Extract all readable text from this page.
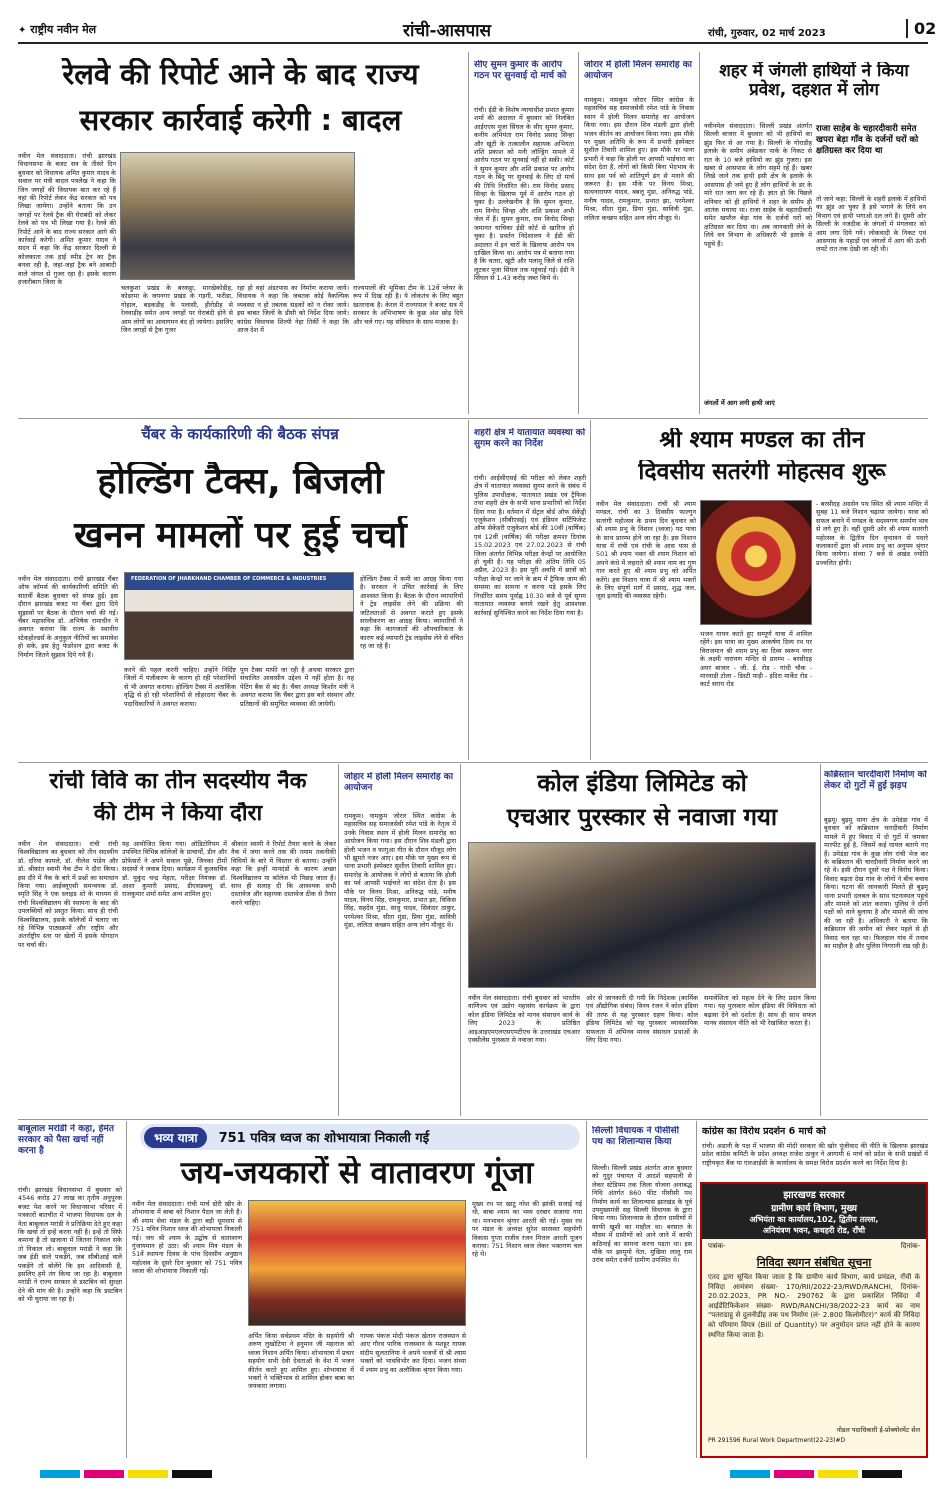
✦ राष्ट्रीय नवीन मेल	रांची-आसपास	रांची, गुरुवार, 02 मार्च 2023	02
रेलवे की रिपोर्ट आने के बाद राज्य
सरकार कार्रवाई करेगी : बादल
नवीन मेल संवाददाता। रांची झारखंड विधानसभा के बजट सत्र के तीसरे दिन बुधवार को विधायक अमित कुमार यादव के सवाल पर मंत्री बादल पत्रलेख ने कहा कि जिन जगहों की विधायक बात कर रहे हैं वहां की रिपोर्ट लेकर केंद्र सरकार को पत्र लिखा जायेगा। उन्होंने बताया कि उन जगहों पर रेलवे ट्रैक की घेराबंदी को लेकर रेलवे को पत्र भी लिखा गया है। रेलवे की रिपोर्ट आने के बाद राज्य सरकार आगे की कार्रवाई करेगी। अमित कुमार यादव ने सदन में कहा कि केंद्र सरकार दिल्ली से कोलकाता तक हाई स्पीड ट्रेन का ट्रैक बनवा रही है, जहां-जहां ट्रैक बने आबादी वाले जंगल से गुजर रहा है। इसके कारण हजारीबाग जिला के
चलकुशा प्रखंड के बरकट्ठा, मारखेकोडीह, कोडरमा के जयनगर प्रखंड के गड़गी, फरीडा, गोहाल, बड़कडीह के पलासी, हीरोडीह से रेलवाड़ीह समेत अन्य जगहों पर घेराबंदी होने से आम लोगों का आवागमन बंद हो जायेगा। इसलिए जिन जगहों से ट्रैक गुजर
रहा हो वहां अंडरपास का निर्माण कराया जाये। विधायक ने कहा कि जबतक कोई वैकल्पिक व्यवस्था न हो तबतक सड़कों को न रोका जाये। इस बाबत जिलों के डीसी को निर्देश दिया जाये। कांग्रेस विधायक शिल्पी नेहा तिर्की ने कहा कि आज देश में
राज्यपालों की भूमिका टीम के 12वें प्लेयर के रूप में दिख रही है। ये लोकतंत्र के लिए बहुत खतरनाक है। केरल में राज्यपाल ने बजट सत्र में सरकार के अभिभाषण के कुछ अंश छोड़ दिये और चले गए। यह संविधान के साथ मजाक है।
सीए सुमन कुमार के आरोप गठन पर सुनवाई दो मार्च को
रांची। ईडी के विशेष न्यायाधीश प्रभात कुमार शर्मा की अदालत में बुधवार को निलंबित आईएएस पूजा सिंघल के सीए सुमन कुमार, कनीय अभियंता राम विनोद प्रसाद सिन्हा और खूंटी के तत्कालीन सहायक अभियंता शशि प्रकाश को मनी लॉन्ड्रिंग मामले में आरोप गठन पर सुनवाई नहीं हो सकी। कोर्ट ने सुमन कुमार और शशि प्रकाश पर आरोप गठन के बिंदु पर सुनवाई के लिए दो मार्च की तिथि निर्धारित की। राम विनोद प्रसाद सिन्हा के खिलाफ पूर्व में आरोप गठन हो चुका है। उल्लेखनीय है कि सुमन कुमार, राम विनोद सिन्हा और शशि प्रकाश अभी जेल में हैं। सुमन कुमार, राम विनोद सिन्हा जमानत याचिका ईडी कोर्ट से खारिज हो चुका है। प्रवर्तन निदेशालय ने ईडी की अदालत में इन चारों के खिलाफ आरोप पत्र दाखिल किया था। आरोप पत्र में बताया गया है कि चतरा, खूंटी और पलामू जिले से राशि लूटकर पूजा सिंघल तक पहुंचाई गई। ईडी ने सिंघल से 1.43 करोड़ जब्त किये थे।
जोरार में होली मिलन समारोह का आयोजन
नामकुम। नामकुम जोरार स्थित कांग्रेस के महासचिव सह समाजसेवी रमेश पांडे के निवास स्थान में होली मिलन समारोह का आयोजन किया गया। इस दौरान शिव मंडली द्वारा होली भजन कीर्तन का आयोजन किया गया। इस मौके पर मुख्य अतिथि के रूप में प्रभारी इंस्पेक्टर सुशील तिवारी शामिल हुए। इस मौके पर थाना प्रभारी ने कहा कि होली पर आपसी भाईचारा का संदेश देता है, लोगों को किसी बिना भेदभाव के साथ इस पर्व को शांतिपूर्ण ढंग से मनाने की जरूरत है। इस मौके पर विनय मिश्रा, सत्यनारायण यादव, बबलू मुंडा, अनिरुद्ध पांडे, मनीष यादव, रामकुमार, प्रभात झा, परमेश्वर मिश्रा, सीता मुंडा, प्रिया मुंडा, सावित्री मुंडा, ललिता कच्छप सहित अन्य लोग मौजूद थे।
शहर में जंगली हाथियों ने किया प्रवेश, दहशत में लोग
नवीनमेल संवाददाता। सिल्ली प्रखंड अंतर्गत सिल्ली बाजार में बुधवार को भी हाथियों का झुंड फिर से आ गया है। सिल्ली के गोराडीह इलाके के समीप अंबेडकर पार्क के निकट से रात के 10 बजे हाथियों का झुंड गुजरा। इस खबर से आसपास के लोग सहमे रहे हैं। खबर लिखे जाने तक हाथी इसी क्षेत्र के इलाके के आसपास ही जमे हुए हैं लोग हाथियों के डर के मारे रात जाग कर रहे हैं। ज्ञात हो कि पिछले शनिवार को ही हाथियों ने शहर के समीप ही आतंक मचाया था। राजा साहेब के चहारदीवारी समेत खपरैल बेड़ा गांव के दर्जनों घरों को क्षतिग्रस्त कर दिया था। अब जानकारी लेने के लिये वन विभाग के अधिकारी भी इलाके में पहुंचे हैं।
राजा साहेब के चहारदीवारी समेत खपरा बेड़ा गाँव के दर्जनों घरों को क्षतिग्रस्त कर दिया था
तो जाने कहा: सिल्ली के शहरी इलाके में हाथियों का झुंड आ चुका है इसे भगाने के लिये वन विभाग एवं हाथी भगाओ दल लगे हैं। दूसरी ओर सिल्ली के नजदीक के जंगलों में मंगलवार को आम लगा दिये गये। लोकवादी के निकट एवं आसपास के पहाड़ों एवं जंगलों में आग की ऊंची लपटें रात तक देखी जा रही थी।
जंगलों में आग लगी हाथी जाएं
चैंबर के कार्यकारिणी की बैठक संपन्न
होल्डिंग टैक्स, बिजली
खनन मामलों पर हुई चर्चा
नवीन मेल संवाददाता। रांची झारखंड चैंबर ऑफ कॉमर्स की कार्यकारिणी समिति की सातवीं बैठक बुधवार को संपन्न हुई। इस दौरान झारखंड बजट पर चैंबर द्वारा दिये सुझावों पर बैठक के दौरान चर्चा की गई। चैंबर महासचिव डॉ. अभिषेक रामाधीन ने अवगत कराया कि राज्य के स्थानीय स्टेकहोल्डर्स के अनुकूल नीतियों का समावेश हो सके, इस हेतु फेडरेशन द्वारा बजट के निर्माण जितने सुझाव दिये गये हैं।
FEDERATION OF JHARKHAND CHAMBER OF COMMERCE & INDUSTRIES
करने की पहल करनी चाहिए। उन्होंने निर्दिष्ट जिलों में पंजीकरण के कारण हो रही परेशानियों से भी अवगत कराया। होल्डिंग टैक्स में अतार्किक वृद्धि से हो रही परेशानियों से लोहरदगा चैंबर के पदाधिकारियों ने अवगत कराया।
पुण टैक्स माफी जा रही है अथवा सरकार द्वारा संचालित आवासीय उद्देश्य में नहीं होता है। यह पेटिंग बैंक से बंद है। चैंबर अध्यक्ष किशोर मंत्री ने अवगत कराया कि चैंबर द्वारा इस बारे संस्थान और प्रतिष्ठानों की समुचित व्यवस्था की जायेगी।
होल्डिंग टैक्स में कमी का आग्रह किया गया है। सरकार ने उचित कार्रवाई के लिए आश्वस्त किया है। बैठक के दौरान व्यापारियों ने ट्रेड लाइसेंस लेने की प्रक्रिया की जटिलताओं से अवगत कराते हुए इसके सरलीकरण का आग्रह किया। व्यापारियों ने कहा कि कागजातों की औपचारिकता के कारण कई व्यापारी ट्रेड लाइसेंस लेने से वंचित रह जा रहे हैं।
शहरी क्षेत्र में यातायात व्यवस्था को सुगम करने का निर्देश
रांची। आईसीएसई की परीक्षा को लेकर शहरी क्षेत्र में यातायात व्यवस्था सुगम करने के संबंध में पुलिस उपाधीक्षक, यातायात प्रखंड एवं ट्रैफिक तथा शहरी क्षेत्र के सभी थाना प्रभारियों को निर्देश दिया गया है। वर्तमान में सेंट्रल बोर्ड ऑफ सेकेंड्री एजुकेशन (सीबीएसई) एवं इंडियन सर्टिफिकेट ऑफ सेकेंडरी एजुकेशन बोर्ड की 10वीं (वार्षिक) एवं 12वीं (वार्षिक) की परीक्षा क्रमशः दिनांक 15.02.2023 एवं 27.02.2023 से रांची जिला अंतर्गत विभिन्न परीक्षा केन्द्रों पर आयोजित हो चुकी है। यह परीक्षा की अंतिम तिथि 05 अप्रैल, 2023 है। इस पूरी अवधि में छात्रों को परीक्षा केन्द्रों पर जाने के क्रम में ट्रैफिक जाम की समस्या का सामना न करना पड़े इसके लिए निर्धारित समय पूर्वाह्न 10.30 बजे से पूर्व सुगम यातायात व्यवस्था बनाये रखने हेतु आवश्यक कार्रवाई सुनिश्चित करने का निर्देश दिया गया है।
श्री श्याम मण्डल का तीन
दिवसीय सतरंगी मोहत्सव शुरू
नवीन मेल संवाददाता। रांची श्री श्याम मण्डल, रांची का 3 दिवसीय फाल्गुन सतरंगी महोत्सव के प्रथम दिन बुधवार को श्री श्याम प्रभु के निशान (ध्वजा) पद यात्रा के साथ प्रारम्भ होने जा रहा है। इस निशान यात्रा में रांची एवं रांची के आस पास से 501 श्री श्याम भक्त श्री श्याम निशान को अपने कंधे में लहराते श्री श्याम नाम का गुण गान करते हुए श्री श्याम प्रभु को अर्पित करेंगे। इस निशान यात्रा में श्री श्याम भक्तों के लिए संपूर्ण मार्ग में प्रसाद, शुद्ध जल, जूस इत्यादि की व्यवस्था रहेगी।
भजन गायन करते हुए सम्पूर्ण यात्रा में शामिल रहेंगे। इस यात्रा का मुख्य आकर्षण दिव्य रथ पर विराजमान श्री श्याम प्रभु का दिव्य स्वरूप नगर के लक्ष्मी नारायण मन्दिर से प्रारम्भ - बरसीदह अपर बाजार - जी. ई. रोड - गांधी चौक - मारवाड़ी टोला - डिस्टी पाड़ी - इंदिरा मार्केट रोड - कार्ट सराय रोड
- बरसीदह अग्रसेन पथ स्थित श्री श्याम मन्दिर में सुबह 11 बजे निशान चढ़ाया जायेगा। यात्रा को सफल बनाने में मण्डल के सदस्यगण समर्पण भाव से लगे हुए हैं। वहीं दूसरी ओर श्री श्याम सतरंगी महोत्सव के द्वितीय दिन वृन्दावन से पधारे कलाकारों द्वारा श्री श्याम प्रभु का अनुपम श्रृंगार किया जायेगा। संध्या 7 बजे से अखंड ज्योति प्रज्वलित होगी।
रांची विवि का तीन सदस्यीय नैक
की टीम ने किया दौरा
नवीन मेल संवाददाता। रांची रांची विश्वविद्यालय का बुधवार को तीन सदस्यीय डॉ. दरिया कामले, डॉ. नीलेश पांडेय और डॉ. श्रीकांत स्वामी नैक टीम ने दौरा किया। इस दौरे में नैक के बारे में प्रश्नों का समाधान किया गया। आईक्यूएसी समन्वयक डॉ. स्मृति सिंह ने एक स्लाइड शो के माध्यम से रांची विश्वविद्यालय की स्थापना के बाद की उपलब्धियों को प्रस्तुत किया। साथ ही रांची विश्वविद्यालय, इसके कॉलेजों में चलाए जा रहे विभिन्न पाठ्यक्रमों और राष्ट्रीय और अंतर्राष्ट्रीय स्तर पर खेलों में इसके योगदान पर चर्चा की।
यह आयोजित किया गया। ऑडिटोरियम में उपस्थित विभिन्न कॉलेजों के प्राचार्यों, डीन और प्रोफेसरों ने अपने सवाल पूछे, जिनका टीमों सदस्यों ने जवाब दिया। कार्यक्रम में कुलसचिव डॉ. मुकुंद चन्द्र मेहता, परीक्षा नियंत्रक डॉ. आशा कुमारी प्रसाद, डीएसडब्ल्यू डॉ. राजकुमार शर्मा समेत अन्य शामिल हुए।
श्रीकांत स्वामी ने रिपोर्ट तैयार करने के लेकर नैक में जमा करने तक की तमाम तकनीकी विधियों के बारे में विस्तार से बताया। उन्होंने कहा कि इन्हीं मानदंडों के कारण अच्छा विश्वविद्यालय या कॉलेज भी पिछड़ जाता है। साथ ही सलाह दी कि आवश्यक सभी दस्तावेज और सहायक दस्तावेज ठीक से तैयार करने चाहिए।
जोहार में होली मिलन समारोह का आयोजन
रामकुम। नामकुम जोरार स्थित कांग्रेस के महासचिव सह समाजसेवी रमेश पांडे के नेतृत्व में उनके निवास स्थान में होली मिलन समारोह का आयोजन किया गया। इस दौरान शिव मंडली द्वारा होली भजन व फागुआ गीत के दौरान मौजूद लोग भी झूमते नजर आए। इस मौके पर मुख्य रूप से थाना प्रभारी इंस्पेक्टर सुशील तिवारी शामिल हुए। समारोह के आयोजक ने लोगों से बताया कि होली का पर्व आपसी भाईचारे का संदेश देता है। इस मौके पर विनय मिश्रा, अनिरुद्ध पांडे, मनीष यादव, विनय सिंह, रामकुमार, प्रभात झा, विकिस सिंह, सहदेव मुंडा, साधु यादव, सिकंदर ठाकुर, परमेश्वर मिश्रा, सीता मुंडा, प्रिया मुंडा, सावित्री मुंडा, ललिता कच्छप सहित अन्य लोग मौजूद थे।
कोल इंडिया लिमिटेड को
एचआर पुरस्कार से नवाजा गया
नवीन मेल संवाददाता। रांची बुधवार को भारतीय वाणिज्य एवं उद्योग महासंघ कार्यक्रम के द्वारा कोल इंडिया लिमिटेड को मानव संसाधन कार्य के लिए 2023 के प्रतिष्ठित आइआइएमएलएसएमटीएच के उत्तराखंड एचआर एक्सीलेंस पुरस्कार से नवाजा गया।
ओर से जानकारी दी गयी कि निदेशक (कार्मिक एवं औद्योगिक संबंध) विनय रंजन ने कोल इंडिया की तरफ से यह पुरस्कार ग्रहण किया। कोल इंडिया लिमिटेड को यह पुरस्कार व्यावसायिक सफलता में अभिनव मानव संसाधन प्रथाओं के लिए दिया गया।
समावेशिता को महत्व देने के लिए प्रदान किया गया। यह पुरस्कार कोल इंडिया की विविधता को बढ़ावा देने को दर्शाता है। साथ ही साथ सफल मानव संसाधन नीति को भी रेखांकित करता है।
कब्रिस्तान चारदीवारी निर्माण को लेकर दो गुटों में हुई झड़प
बुढ़मू। बुढ़मू थाना क्षेत्र के उमेडंडा गांव में बुधवार को कब्रिस्तान चारदीवारी निर्माण मामले में हुए विवाद में दो गुटों में जमकर मारपीट हुई है, जिसमें कई घायल बताये गए हैं। उमेडंडा गांव के कुछ लोग रांची भेज कर के कब्रिस्तान की चारदीवारी निर्माण करने जा रहे थे। इसी दौरान दूसरे पक्ष ने विरोध किया। विवाद बढ़ता देख गांव के लोगों ने बीच बचाव किया। घटना की जानकारी मिलते ही बुढ़मू थाना प्रभारी दलबल के साथ घटनास्थल पहुंचे और मामले को शांत कराया। पुलिस ने दोनों पक्षों को थाने बुलाया है और मामले की जांच की जा रही है। अधिकारी ने बताया कि कब्रिस्तान की जमीन को लेकर पहले से ही विवाद चल रहा था। फिलहाल गांव में तनाव का माहौल है और पुलिस निगरानी रख रही है।
बाबूलाल मरांडी ने कहा, हेमंत सरकार को पैसा खर्चा नहीं करना है
रांची। झारखंड विधानसभा में बुधवार को 4546 करोड़ 27 लाख का तृतीय अनुपूरक बजट पेश करने पर विधानसभा परिसर में पत्रकारों बातचीत में भाजपा विधायक दल के नेता बाबूलाल मरांडी ने प्रतिक्रिया देते हुए कहा कि खर्चा तो इन्हें करना नहीं है। इन्हें तो सिर्फ कमाना है तो खजाना में जितना निकाल सके तो निकाल लो। बाबूलाल मरांडी ने कहा कि जब ईडी वाले पकड़ेंगे, जब सीबीआई वाले पकड़ेंगे तो बोलेंगे कि हम आदिवासी हैं, इसलिए हमें तंग किया जा रहा है। बाबूलाल मरांडी ने राज्य सरकार से डस्टबिन को सुरक्षा देने की मांग की है। उन्होंने कहा कि डस्टबिन को भी चुराया जा रहा है।
भव्य यात्रा 751 पवित्र ध्वज का शोभायात्रा निकाली गई
जय-जयकारों से वातावरण गूंजा
नवीन मेल संवाददाता। रांची मार्च डोरी खीर के शोभायात्रा में बाबा को निशान पैदल जा लेती है। श्री श्याम सेवा मंडल के द्वारा बड़ी धूमधाम से 751 पवित्र निशान ध्वज की शोभायात्रा निकाली गई। जय श्री श्याम के उद्घोष से वातावरण गुंजायमान हो उठा। श्री श्याम मित्र मंडल के 51वें स्थापना दिवस के पांच दिवसीय अनुष्ठान महोत्सव के दूसरे दिन बुधवार को 751 पवित्र ध्वजा की शोभायात्रा निकाली गई।
अर्पित किया सर्वप्रथम मंदिर के सहयोगी श्री अरुण लुखोटिया ने हनुमान जी महाराज को ध्वजा निशान अर्पित किया। शोभायात्रा में प्रचार सहयोग सभी देवी देवताओं के वेश में भजन कीर्तन करते हुए शामिल हुए। शोभायात्रा में भक्तों ने भक्तिभाव से शामिल होकर बाबा का जयकारा लगाया।
गायक पंकज मोदी पंकज खेतान राजस्थान से आए गौरव पारिक राजस्थान के मशहूर गायक संदीप सुलतानिया ने अपने भजनों से श्री श्याम भक्तों को भावविभोर कर दिया। भजन संध्या में श्याम प्रभु का अलौकिक श्रृंगार किया गया।
मुख्य रथ पर खाटू नरेश की झांकी सजाई गई थी, बाबा श्याम का भव्य दरबार सजाया गया था। मनभावन श्रृंगार आरती की गई। मुख्य रथ पर मंडल के अध्यक्ष सुरेश सारस्वत सहयोगी विकास गुप्ता राजीव रंजन मित्तल आरती पूजन कराया। 751 निशान ध्वज लेकर भक्तगण चल रहे थे।
सिल्ली विधायक ने पीसीसी पथ का शिलान्यास किया
सिल्ली। सिल्ली प्रखंड अंतर्गत आज बुधवार को गुदुर पंचायत में आदर्श सहपाली से लेकर स्टेडियम तक जिला योजना अनाबद्ध निधि अंतर्गत 860 फीट पीसीसी पथ निर्माण कार्य का शिलान्यास झारखंड के पूर्व उपमुख्यमंत्री सह सिल्ली विधायक के द्वारा किया गया। शिलान्यास के दौरान ग्रामीणों में काफी खुशी का माहौल था। बरसात के मौसम में ग्रामीणों को आने जाने में काफी कठिनाई का सामना करना पड़ता था। इस मौके पर झामुमो नेता, मुखिया लालू राम उरांव समेत दर्जनों ग्रामीण उपस्थित थे।
कांग्रेस का विरोध प्रदर्शन 6 मार्च को
रांची। अडानी के पक्ष में भाजपा की मोदी सरकार की खोर पूंजीवाद की नीति के खिलाफ झारखंड प्रदेश कांग्रेस कमिटी के प्रदेश अध्यक्ष राजेश ठाकुर ने आगामी 6 मार्च को प्रदेश के सभी प्रखंडों में राष्ट्रीयकृत बैंक या एलआईसी के कार्यालय के समक्ष विरोध प्रदर्शन करने का निर्देश दिया है।
झारखण्ड सरकार
ग्रामीण कार्य विभाग, मुख्य
अभियंता का कार्यालय,102, द्वितीय तल्ला,
अनियंत्रण भवन, कचहरी रोड, राँची
पत्रांक-	दिनांक-
निविदा स्थगन संबंधित सूचना
एतद द्वारा सूचित किया जाता है कि ग्रामीण कार्य विभाग, कार्य प्रमंडल, राँची के निविदा आमंत्रण संख्या- 170/RII/2022-23/RWD/RANCHI, दिनांक- 20.02.2023, PR NO.- 290762 के द्वारा प्रकाशित निविदा में आईडेंटिफिकेशन संख्या- RWD/RANCHI/38/2022-23 कार्य का नाम "पतराडाहु से दुलनीडीह तक पथ निर्माण (लं- 2.800 किलोमीटर)" कार्य की निविदा को परिमाण विपत्र (Bill of Quantity) पर अनुमोदन प्राप्त नहीं होने के कारण स्थगित किया जाता है।
नोडल पदाधिकारी ई-प्रोक्योरमेंट सेल
PR 291596 Rural Work Department(22-23)#D
